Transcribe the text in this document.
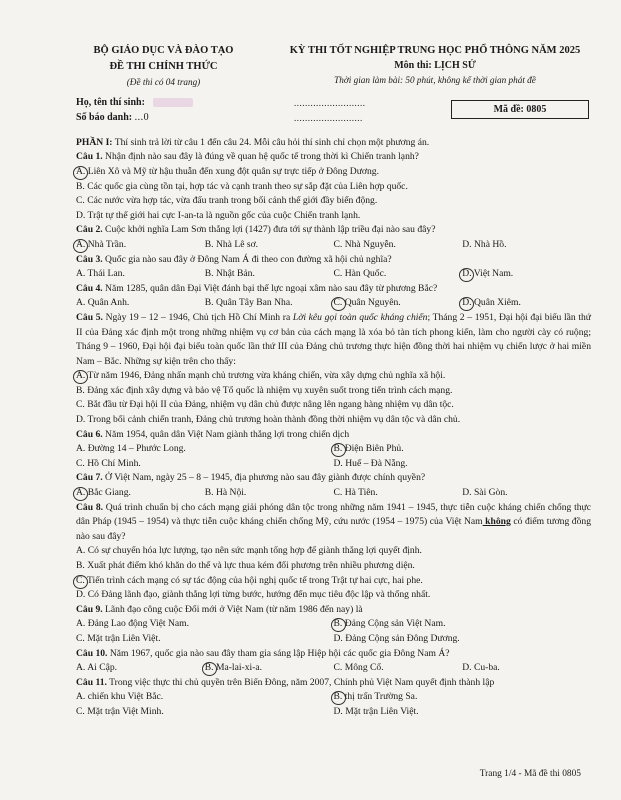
BỘ GIÁO DỤC VÀ ĐÀO TẠO
ĐỀ THI CHÍNH THỨC
(Đề thi có 04 trang)
KỲ THI TỐT NGHIỆP TRUNG HỌC PHỔ THÔNG NĂM 2025
Môn thi: LỊCH SỬ
Thời gian làm bài: 50 phút, không kể thời gian phát đề
Họ, tên thí sinh:	..........................
Số báo danh: ...0	.........................
Mã đề: 0805
PHẦN I: Thí sinh trả lời từ câu 1 đến câu 24. Mỗi câu hỏi thí sinh chỉ chọn một phương án.
Câu 1. Nhận định nào sau đây là đúng về quan hệ quốc tế trong thời kì Chiến tranh lạnh?
A. Liên Xô và Mỹ từ hậu thuẫn đến xung đột quân sự trực tiếp ở Đông Dương.
B. Các quốc gia cùng tồn tại, hợp tác và cạnh tranh theo sự sắp đặt của Liên hợp quốc.
C. Các nước vừa hợp tác, vừa đấu tranh trong bối cảnh thế giới đầy biến động.
D. Trật tự thế giới hai cực I-an-ta là nguồn gốc của cuộc Chiến tranh lạnh.
Câu 2. Cuộc khởi nghĩa Lam Sơn thắng lợi (1427) đưa tới sự thành lập triều đại nào sau đây?
A. Nhà Trần.	B. Nhà Lê sơ.	C. Nhà Nguyễn.	D. Nhà Hồ.
Câu 3. Quốc gia nào sau đây ở Đông Nam Á đi theo con đường xã hội chủ nghĩa?
A. Thái Lan.	B. Nhật Bản.	C. Hàn Quốc.	D. Việt Nam.
Câu 4. Năm 1285, quân dân Đại Việt đánh bại thế lực ngoại xâm nào sau đây từ phương Bắc?
A. Quân Anh.	B. Quân Tây Ban Nha.	C. Quân Nguyên.	D. Quân Xiêm.
Câu 5. Ngày 19 – 12 – 1946, Chủ tịch Hồ Chí Minh ra Lời kêu gọi toàn quốc kháng chiến; Tháng 2 – 1951, Đại hội đại biểu lần thứ II của Đảng xác định một trong những nhiệm vụ cơ bản của cách mạng là xóa bỏ tàn tích phong kiến, làm cho người cày có ruộng; Tháng 9 – 1960, Đại hội đại biểu toàn quốc lần thứ III của Đảng chủ trương thực hiện đồng thời hai nhiệm vụ chiến lược ở hai miền Nam – Bắc. Những sự kiện trên cho thấy:
A. Từ năm 1946, Đảng nhấn mạnh chủ trương vừa kháng chiến, vừa xây dựng chủ nghĩa xã hội.
B. Đảng xác định xây dựng và bảo vệ Tổ quốc là nhiệm vụ xuyên suốt trong tiến trình cách mạng.
C. Bắt đầu từ Đại hội II của Đảng, nhiệm vụ dân chủ được nâng lên ngang hàng nhiệm vụ dân tộc.
D. Trong bối cảnh chiến tranh, Đảng chủ trương hoàn thành đồng thời nhiệm vụ dân tộc và dân chủ.
Câu 6. Năm 1954, quân dân Việt Nam giành thắng lợi trong chiến dịch
A. Đường 14 – Phước Long.	B. Điện Biên Phủ.
C. Hồ Chí Minh.	D. Huế – Đà Nẵng.
Câu 7. Ở Việt Nam, ngày 25 – 8 – 1945, địa phương nào sau đây giành được chính quyền?
A. Bắc Giang.	B. Hà Nội.	C. Hà Tiên.	D. Sài Gòn.
Câu 8. Quá trình chuẩn bị cho cách mạng giải phóng dân tộc trong những năm 1941 – 1945, thực tiễn cuộc kháng chiến chống thực dân Pháp (1945 – 1954) và thực tiễn cuộc kháng chiến chống Mỹ, cứu nước (1954 – 1975) của Việt Nam không có điểm tương đồng nào sau đây?
A. Có sự chuyển hóa lực lượng, tạo nên sức mạnh tổng hợp để giành thắng lợi quyết định.
B. Xuất phát điểm khó khăn do thế và lực thua kém đối phương trên nhiều phương diện.
C. Tiến trình cách mạng có sự tác động của hội nghị quốc tế trong Trật tự hai cực, hai phe.
D. Có Đảng lãnh đạo, giành thắng lợi từng bước, hướng đến mục tiêu độc lập và thống nhất.
Câu 9. Lãnh đạo công cuộc Đổi mới ở Việt Nam (từ năm 1986 đến nay) là
A. Đảng Lao động Việt Nam.	B. Đảng Cộng sản Việt Nam.
C. Mặt trận Liên Việt.	D. Đảng Cộng sản Đông Dương.
Câu 10. Năm 1967, quốc gia nào sau đây tham gia sáng lập Hiệp hội các quốc gia Đông Nam Á?
A. Ai Cập.	B. Ma-lai-xi-a.	C. Mông Cổ.	D. Cu-ba.
Câu 11. Trong việc thực thi chủ quyền trên Biển Đông, năm 2007, Chính phủ Việt Nam quyết định thành lập
A. chiến khu Việt Bắc.	B. thị trấn Trường Sa.
C. Mặt trận Việt Minh.	D. Mặt trận Liên Việt.
Trang 1/4 - Mã đề thi 0805
